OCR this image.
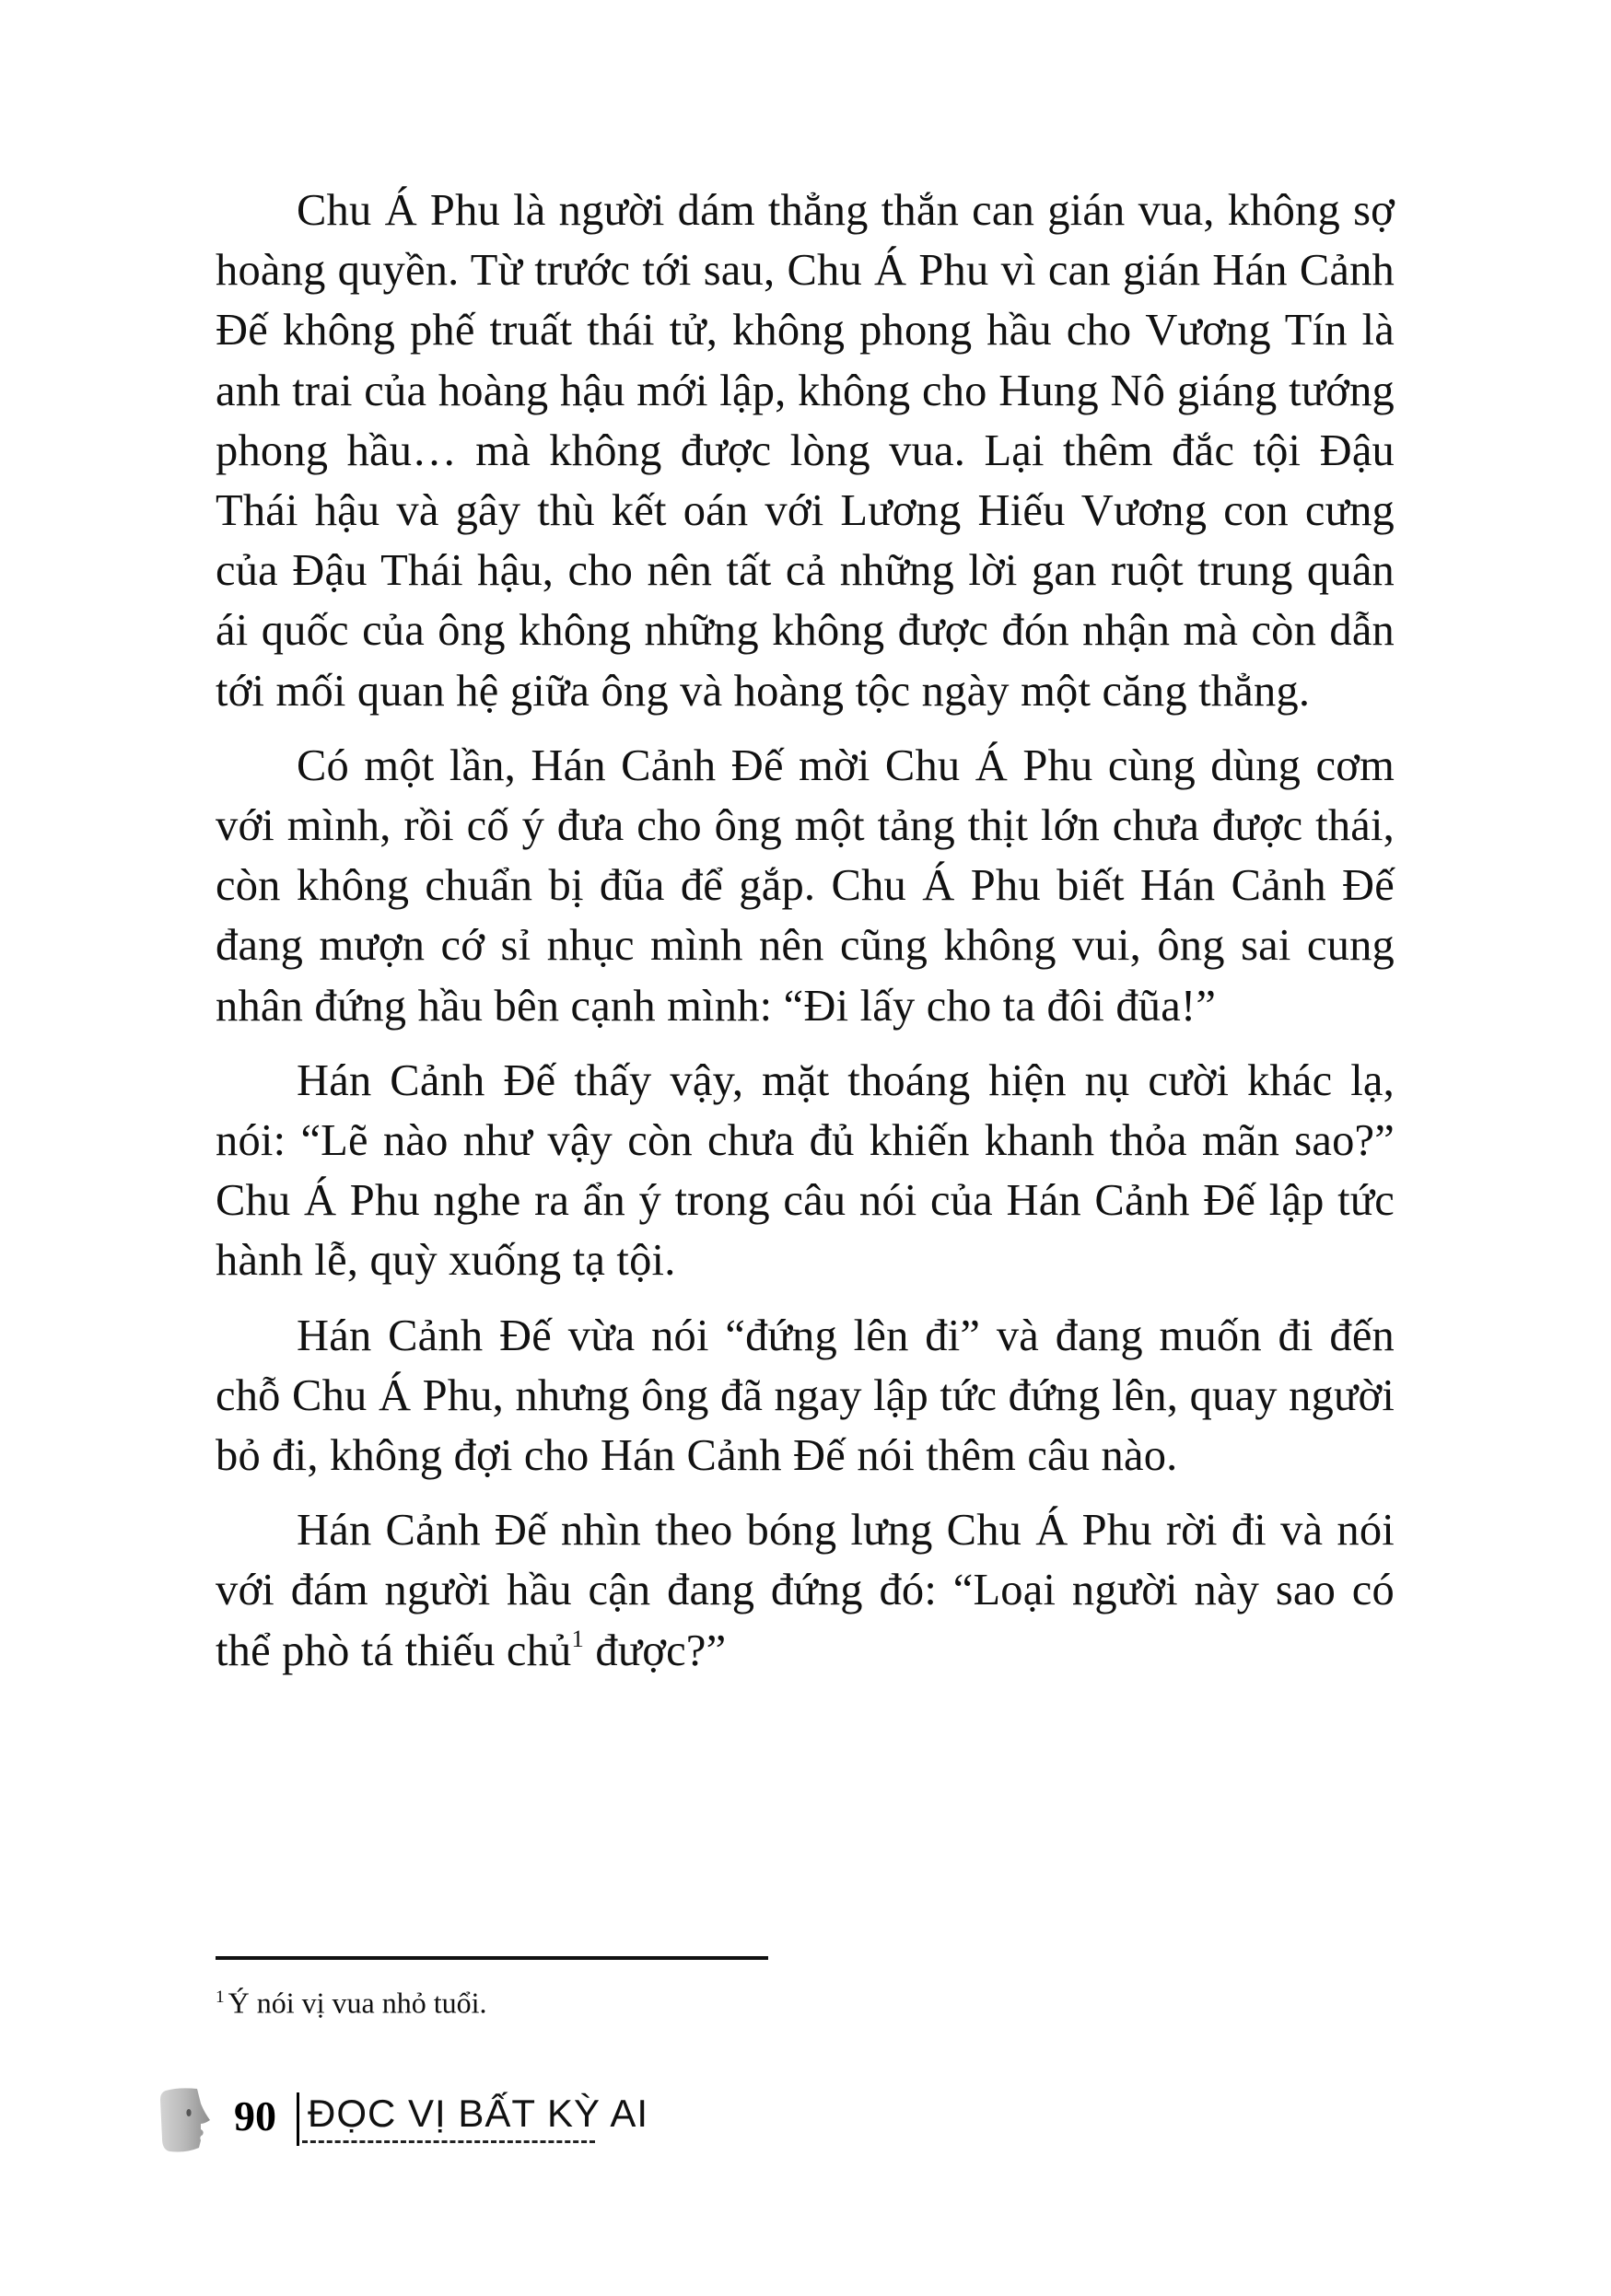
Chu Á Phu là người dám thẳng thắn can gián vua, không sợ hoàng quyền. Từ trước tới sau, Chu Á Phu vì can gián Hán Cảnh Đế không phế truất thái tử, không phong hầu cho Vương Tín là anh trai của hoàng hậu mới lập, không cho Hung Nô giáng tướng phong hầu… mà không được lòng vua. Lại thêm đắc tội Đậu Thái hậu và gây thù kết oán với Lương Hiếu Vương con cưng của Đậu Thái hậu, cho nên tất cả những lời gan ruột trung quân ái quốc của ông không những không được đón nhận mà còn dẫn tới mối quan hệ giữa ông và hoàng tộc ngày một căng thẳng.

Có một lần, Hán Cảnh Đế mời Chu Á Phu cùng dùng cơm với mình, rồi cố ý đưa cho ông một tảng thịt lớn chưa được thái, còn không chuẩn bị đũa để gắp. Chu Á Phu biết Hán Cảnh Đế đang mượn cớ sỉ nhục mình nên cũng không vui, ông sai cung nhân đứng hầu bên cạnh mình: “Đi lấy cho ta đôi đũa!”

Hán Cảnh Đế thấy vậy, mặt thoáng hiện nụ cười khác lạ, nói: “Lẽ nào như vậy còn chưa đủ khiến khanh thỏa mãn sao?” Chu Á Phu nghe ra ẩn ý trong câu nói của Hán Cảnh Đế lập tức hành lễ, quỳ xuống tạ tội.

Hán Cảnh Đế vừa nói “đứng lên đi” và đang muốn đi đến chỗ Chu Á Phu, nhưng ông đã ngay lập tức đứng lên, quay người bỏ đi, không đợi cho Hán Cảnh Đế nói thêm câu nào.

Hán Cảnh Đế nhìn theo bóng lưng Chu Á Phu rời đi và nói với đám người hầu cận đang đứng đó: “Loại người này sao có thể phò tá thiếu chủ$^1$ được?”

$^1$ Ý nói vị vua nhỏ tuổi.
90 ĐỌC VỊ BẤT KỲ AI
